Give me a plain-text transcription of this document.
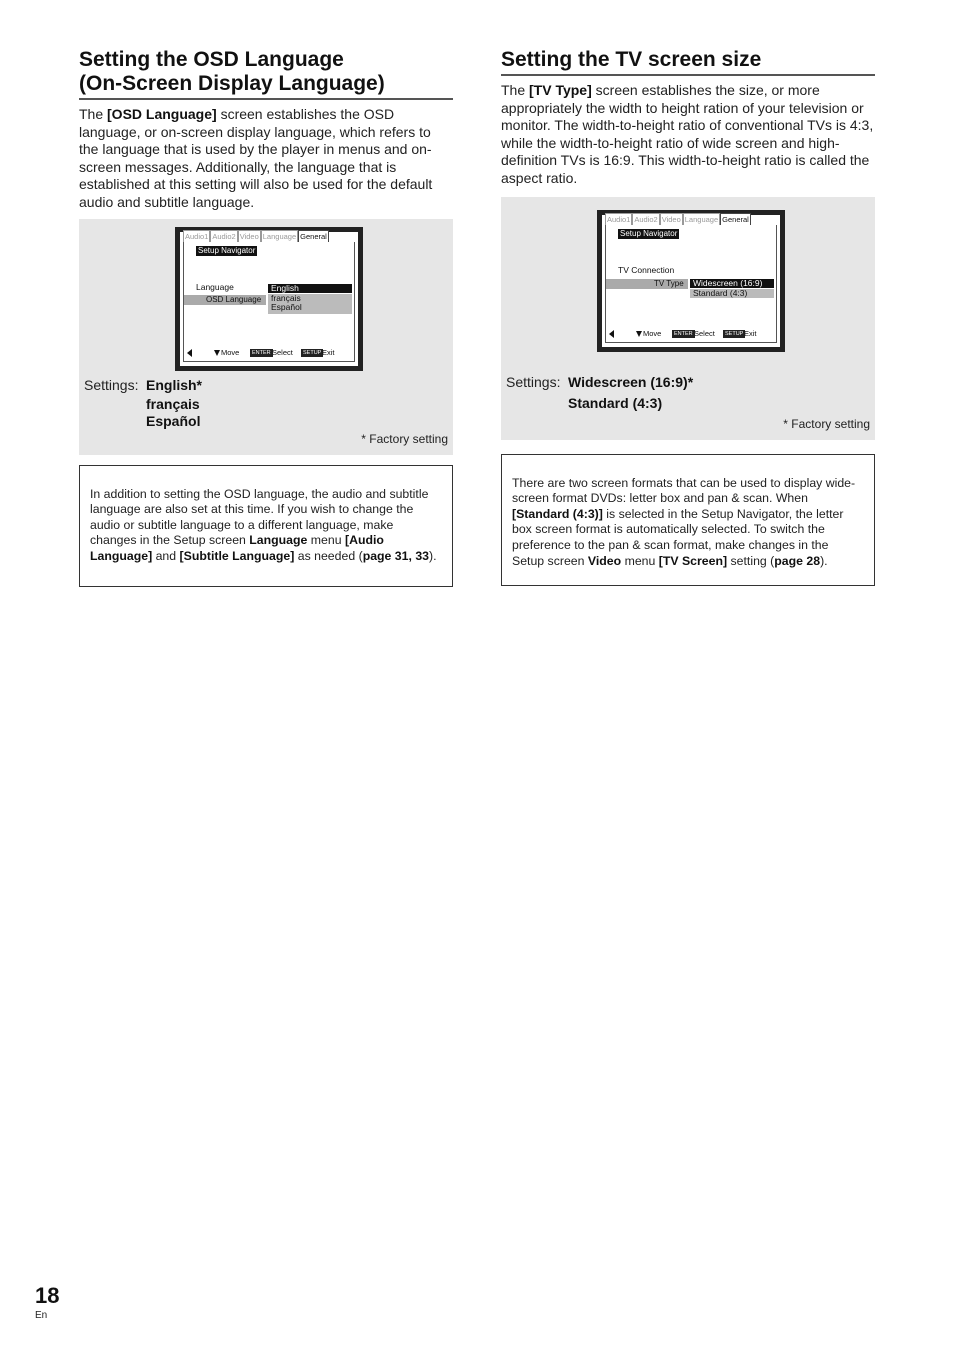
Setting the OSD Language
(On-Screen Display Language)

The [OSD Language] screen establishes the OSD language, or on-screen display language, which refers to the language that is used by the player in menus and on-screen messages. Additionally, the language that is established at this setting will also be used for the default audio and subtitle language.

Audio1 Audio2 Video Language General
Setup Navigator
Language
OSD Language
English
français
Español
Move	ENTER Select	SETUP Exit
Settings: English*
français
Español
* Factory setting
In addition to setting the OSD language, the audio and subtitle language are also set at this time. If you wish to change the audio or subtitle language to a different language, make changes in the Setup screen Language menu [Audio Language] and [Subtitle Language] as needed (page 31, 33).
Setting the TV screen size

The [TV Type] screen establishes the size, or more appropriately the width to height ration of your television or monitor. The width-to-height ratio of conventional TVs is 4:3, while the width-to-height ratio of wide screen and high-definition TVs is 16:9. This width-to-height ratio is called the aspect ratio.

Audio1 Audio2 Video Language General
Setup Navigator
TV Connection
TV Type	Widescreen (16:9)
Standard (4:3)
Move	ENTER Select	SETUP Exit
Settings: Widescreen (16:9)*
Standard (4:3)
* Factory setting
There are two screen formats that can be used to display wide-screen format DVDs: letter box and pan & scan. When [Standard (4:3)] is selected in the Setup Navigator, the letter box screen format is automatically selected. To switch the preference to the pan & scan format, make changes in the Setup screen Video menu [TV Screen] setting (page 28).
18
En
